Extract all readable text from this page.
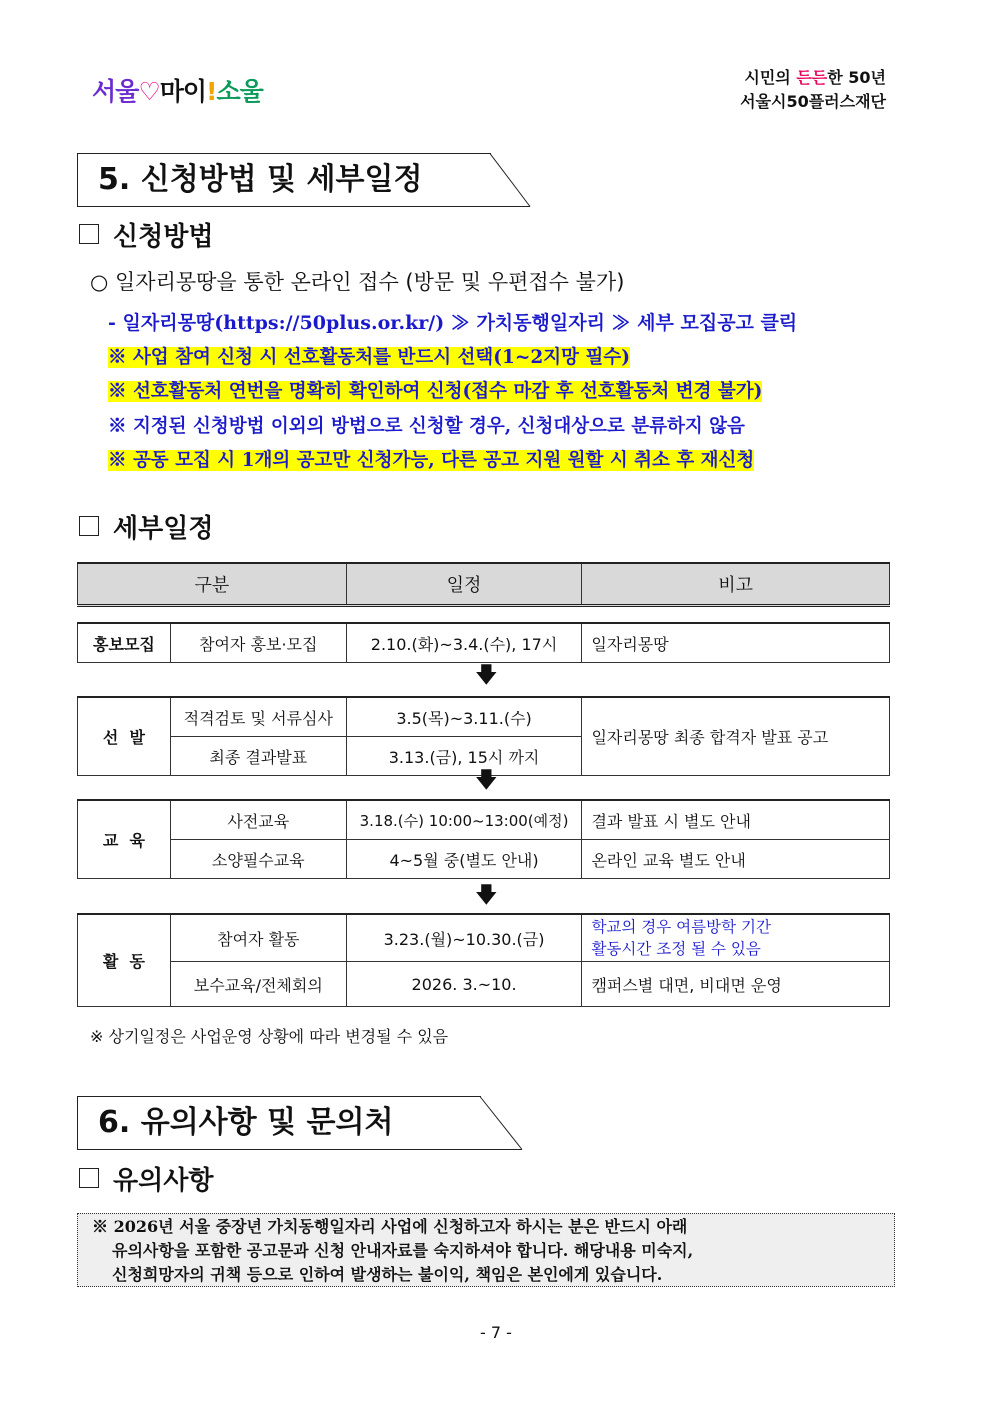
서울♡마이!소울	시민의 든든한 50년
서울시50플러스재단
5. 신청방법 및 세부일정
신청방법
○ 일자리몽땅을 통한 온라인 접수 (방문 및 우편접수 불가)
- 일자리몽땅(https://50plus.or.kr/) ≫ 가치동행일자리 ≫ 세부 모집공고 클릭
※ 사업 참여 신청 시 선호활동처를 반드시 선택(1~2지망 필수)
※ 선호활동처 연번을 명확히 확인하여 신청(접수 마감 후 선호활동처 변경 불가)
※ 지정된 신청방법 이외의 방법으로 신청할 경우, 신청대상으로 분류하지 않음
※ 공동 모집 시 1개의 공고만 신청가능, 다른 공고 지원 원할 시 취소 후 재신청
세부일정
구분	일정	비고
홍보모집	참여자 홍보·모집	2.10.(화)~3.4.(수), 17시	일자리몽땅
🡇
선  발	적격검토 및 서류심사	3.5(목)~3.11.(수)	일자리몽땅 최종 합격자 발표 공고
	최종 결과발표	3.13.(금), 15시 까지	
🡇
교  육	사전교육	3.18.(수) 10:00~13:00(예정)	결과 발표 시 별도 안내
	소양필수교육	4~5월 중(별도 안내)	온라인 교육 별도 안내
🡇
활  동	참여자 활동	3.23.(월)~10.30.(금)	학교의 경우 여름방학 기간
활동시간 조정 될 수 있음

	보수교육/전체회의	2026. 3.~10.	캠퍼스별 대면, 비대면 운영
※ 상기일정은 사업운영 상황에 따라 변경될 수 있음
6. 유의사항 및 문의처
유의사항
※ 2026년 서울 중장년 가치동행일자리 사업에 신청하고자 하시는 분은 반드시 아래
유의사항을 포함한 공고문과 신청 안내자료를 숙지하셔야 합니다. 해당내용 미숙지,
신청희망자의 귀책 등으로 인하여 발생하는 불이익, 책임은 본인에게 있습니다.
- 7 -
